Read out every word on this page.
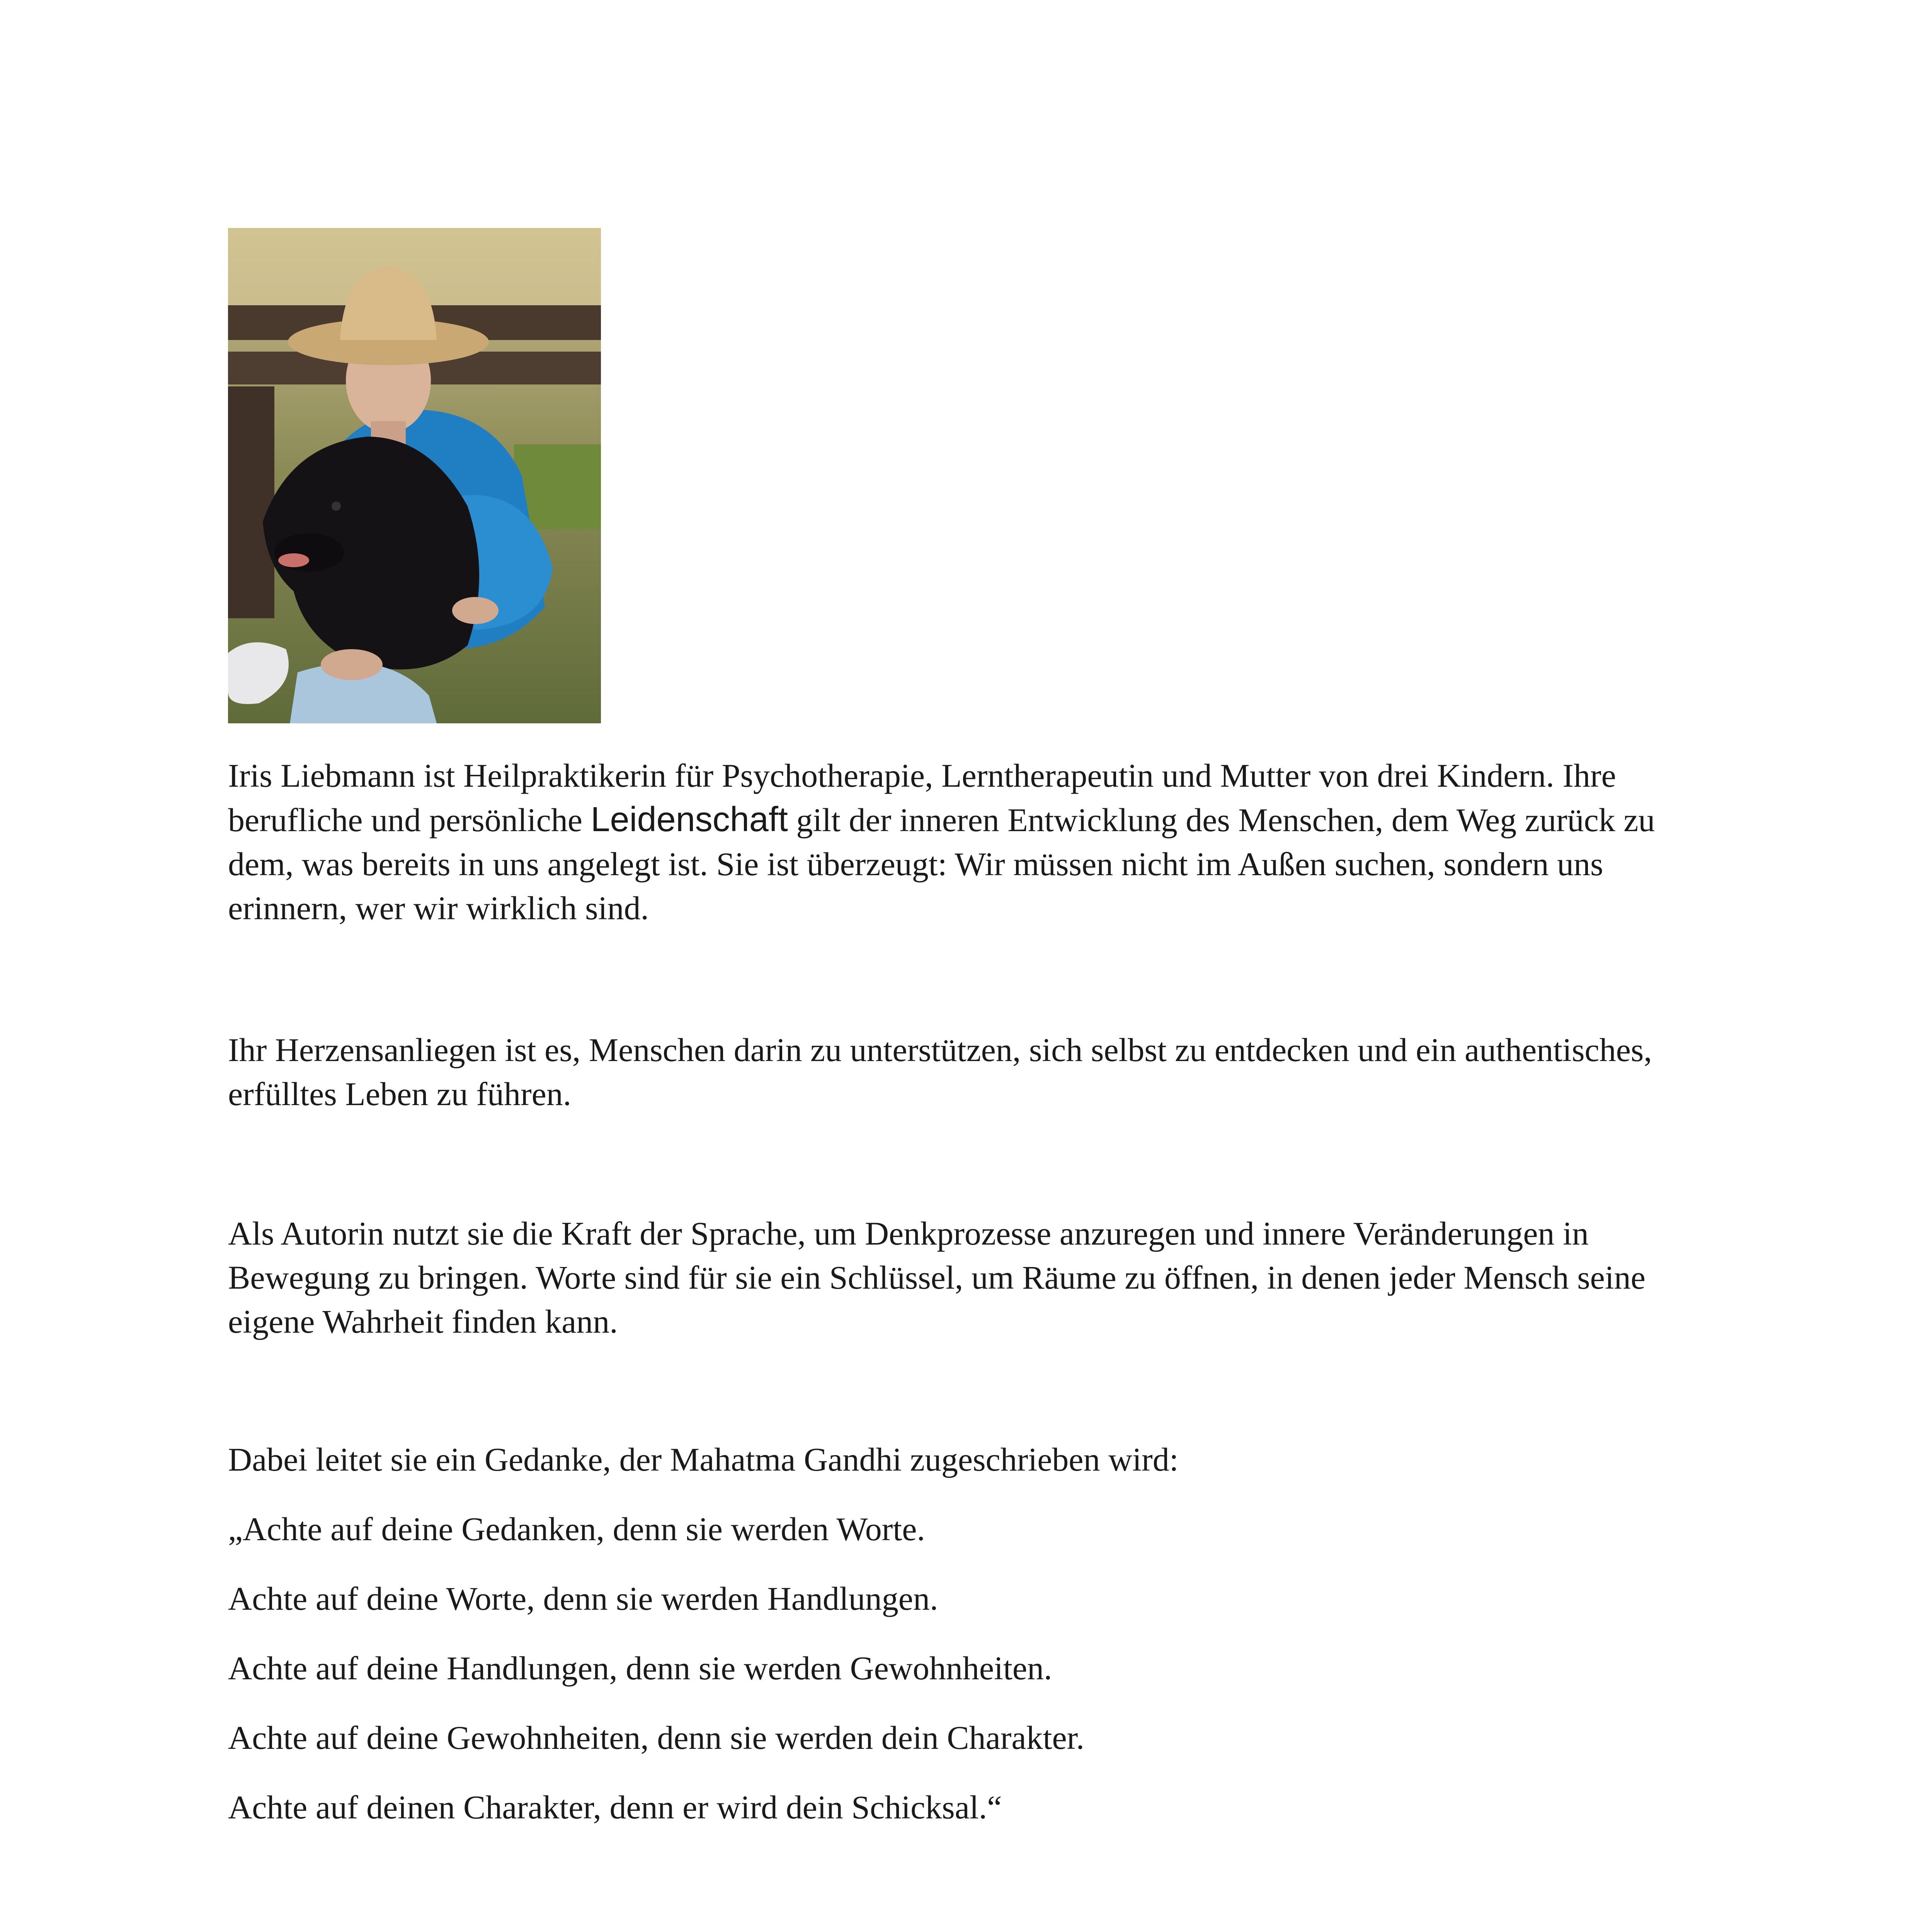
Iris Liebmann ist Heilpraktikerin für Psychotherapie, Lerntherapeutin und Mutter von drei Kindern. Ihre berufliche und persönliche Leidenschaft gilt der inneren Entwicklung des Menschen, dem Weg zurück zu dem, was bereits in uns angelegt ist. Sie ist überzeugt: Wir müssen nicht im Außen suchen, sondern uns erinnern, wer wir wirklich sind.

Ihr Herzensanliegen ist es, Menschen darin zu unterstützen, sich selbst zu entdecken und ein authentisches, erfülltes Leben zu führen.

Als Autorin nutzt sie die Kraft der Sprache, um Denkprozesse anzuregen und innere Veränderungen in Bewegung zu bringen. Worte sind für sie ein Schlüssel, um Räume zu öffnen, in denen jeder Mensch seine eigene Wahrheit finden kann.

Dabei leitet sie ein Gedanke, der Mahatma Gandhi zugeschrieben wird:

„Achte auf deine Gedanken, denn sie werden Worte.

Achte auf deine Worte, denn sie werden Handlungen.

Achte auf deine Handlungen, denn sie werden Gewohnheiten.

Achte auf deine Gewohnheiten, denn sie werden dein Charakter.

Achte auf deinen Charakter, denn er wird dein Schicksal.“
